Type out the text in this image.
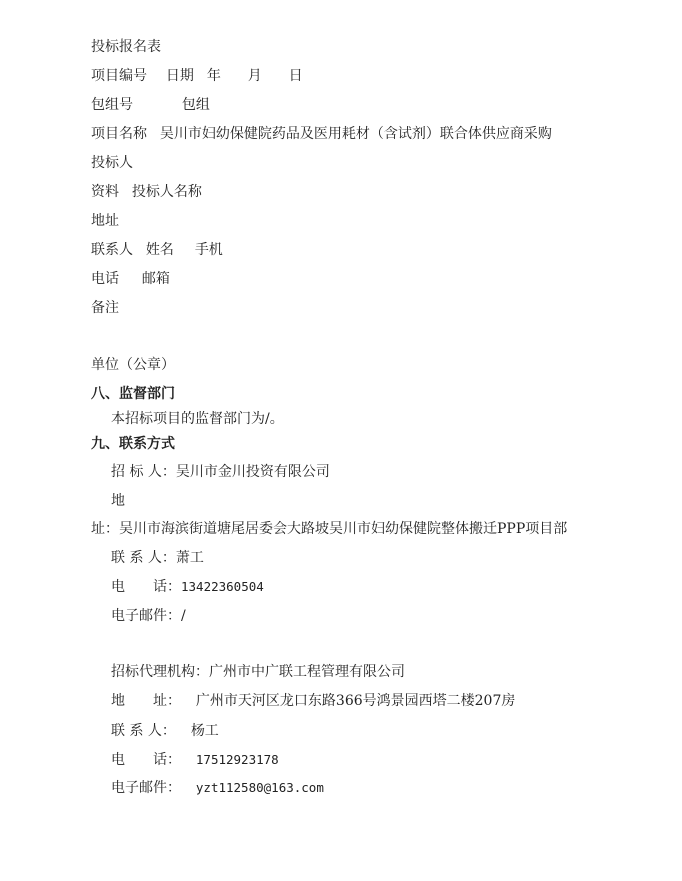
投标报名表
项目编号 日期 年 月 日
包组号	包组
项目名称 吴川市妇幼保健院药品及医用耗材（含试剂）联合体供应商采购
投标人
资料 投标人名称
地址
联系人 姓名 手机
电话 邮箱
备注
单位（公章）
八、监督部门
本招标项目的监督部门为/。
九、联系方式
招 标 人：吴川市金川投资有限公司
地
址：吴川市海滨街道塘尾居委会大路坡吴川市妇幼保健院整体搬迁PPP项目部
联 系 人：萧工
电　　话：13422360504
电子邮件：/
招标代理机构：广州市中广联工程管理有限公司
地　　址： 广州市天河区龙口东路366号鸿景园西塔二楼207房
联 系 人： 杨工
电　　话： 17512923178
电子邮件： yzt112580@163.com
